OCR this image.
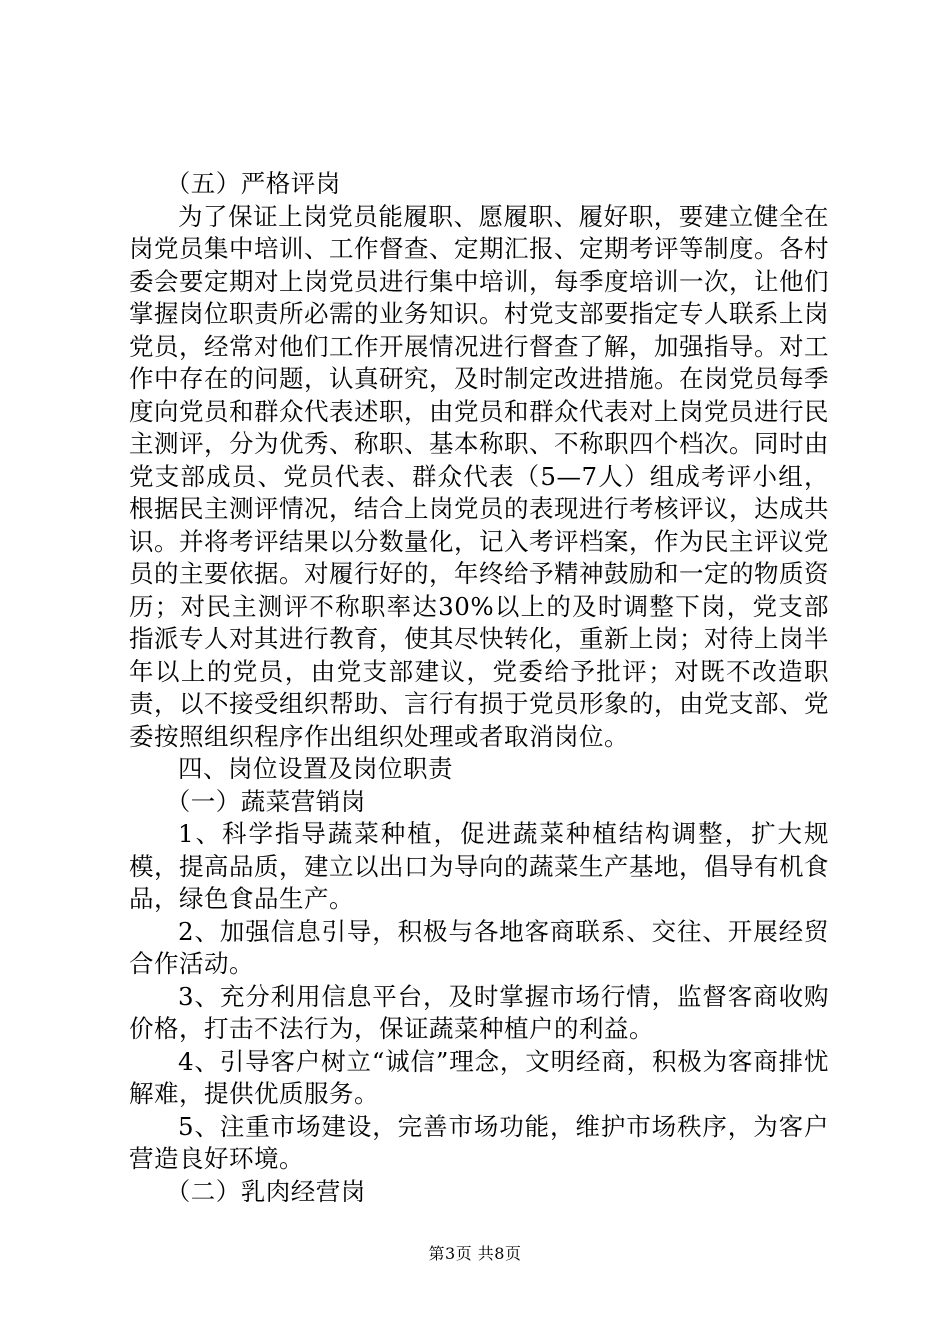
（五）严格评岗

为了保证上岗党员能履职、愿履职、履好职，要建立健全在岗党员集中培训、工作督查、定期汇报、定期考评等制度。各村委会要定期对上岗党员进行集中培训，每季度培训一次，让他们掌握岗位职责所必需的业务知识。村党支部要指定专人联系上岗党员，经常对他们工作开展情况进行督查了解，加强指导。对工作中存在的问题，认真研究，及时制定改进措施。在岗党员每季度向党员和群众代表述职，由党员和群众代表对上岗党员进行民主测评，分为优秀、称职、基本称职、不称职四个档次。同时由党支部成员、党员代表、群众代表（5—7人）组成考评小组，根据民主测评情况，结合上岗党员的表现进行考核评议，达成共识。并将考评结果以分数量化，记入考评档案，作为民主评议党员的主要依据。对履行好的，年终给予精神鼓励和一定的物质资历；对民主测评不称职率达30%以上的及时调整下岗，党支部指派专人对其进行教育，使其尽快转化，重新上岗；对待上岗半年以上的党员，由党支部建议，党委给予批评；对既不改造职责，以不接受组织帮助、言行有损于党员形象的，由党支部、党委按照组织程序作出组织处理或者取消岗位。

四、岗位设置及岗位职责

（一）蔬菜营销岗

1、科学指导蔬菜种植，促进蔬菜种植结构调整，扩大规模，提高品质，建立以出口为导向的蔬菜生产基地，倡导有机食品，绿色食品生产。

2、加强信息引导，积极与各地客商联系、交往、开展经贸合作活动。

3、充分利用信息平台，及时掌握市场行情，监督客商收购价格，打击不法行为，保证蔬菜种植户的利益。

4、引导客户树立“诚信”理念，文明经商，积极为客商排忧解难，提供优质服务。

5、注重市场建设，完善市场功能，维护市场秩序，为客户营造良好环境。

（二）乳肉经营岗

第3页 共8页
